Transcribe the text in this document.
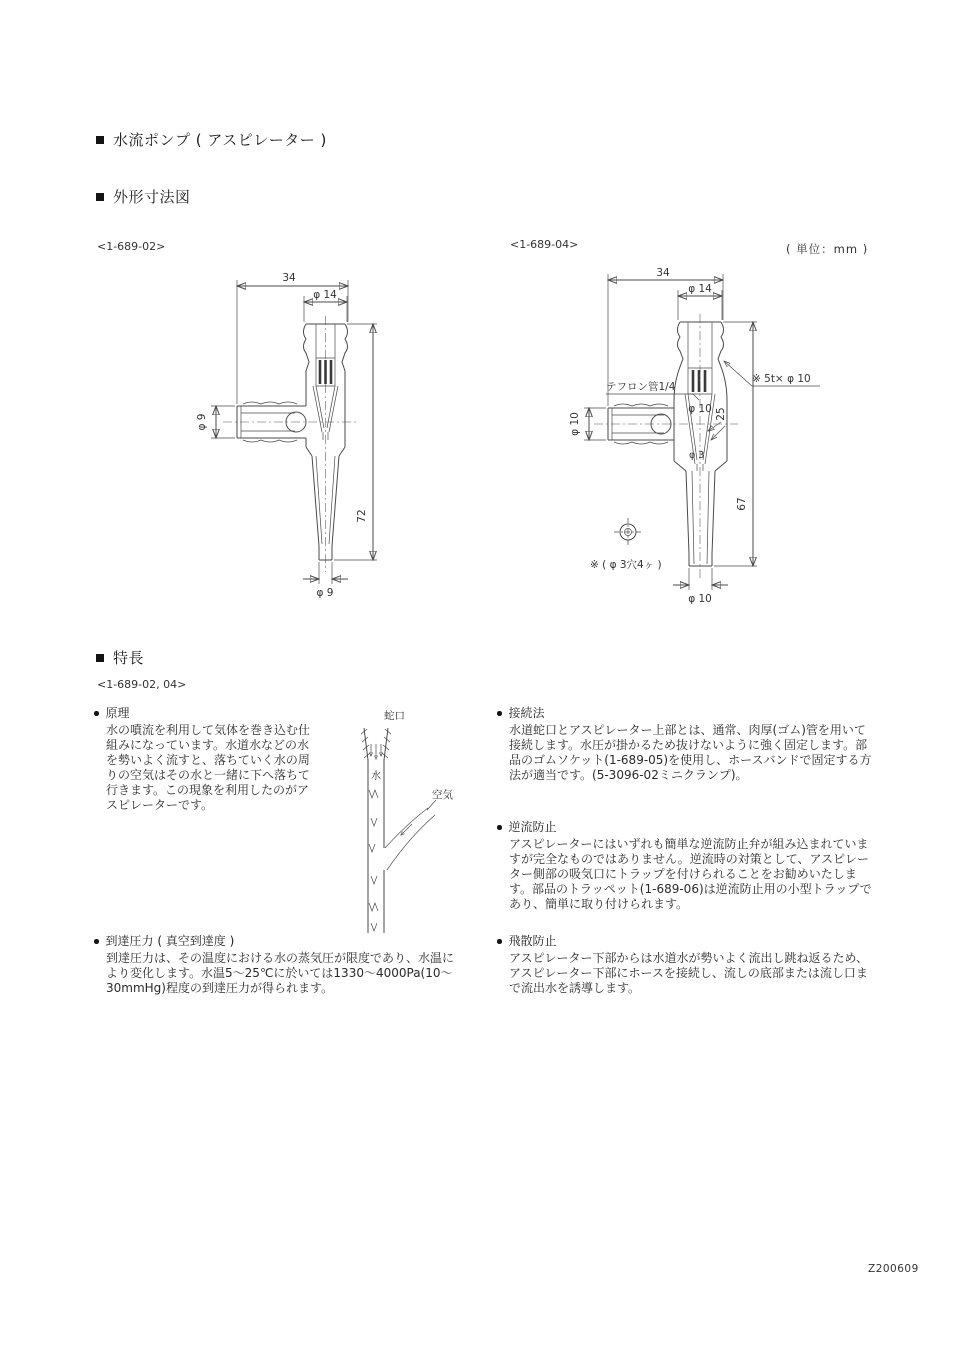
水流ポンプ ( アスピレーター )
外形寸法図
<1-689-02>	<1-689-04>	( 単位：mm )
34
φ 14
φ 9
72
φ 9
34
φ 14
φ 10
φ 3
テフロン管1/4
φ 10
※ 5t× φ 10
25
67
※ ( φ 3穴4ヶ )
φ 10
特長
<1-689-02, 04>
原理
水の噴流を利用して気体を巻き込む仕組みになっています。水道水などの水を勢いよく流すと、落ちていく水の周りの空気はその水と一緒に下へ落ちて行きます。この現象を利用したのがアスピレーターです。
蛇口
水
空気
到達圧力 ( 真空到達度 )
到達圧力は、その温度における水の蒸気圧が限度であり、水温により変化します。水温5～25℃に於いては1330～4000Pa(10～30mmHg)程度の到達圧力が得られます。
接続法
水道蛇口とアスピレーター上部とは、通常、肉厚(ゴム)管を用いて接続します。水圧が掛かるため抜けないように強く固定します。部品のゴムソケット(1-689-05)を使用し、ホースバンドで固定する方法が適当です。(5-3096-02ミニクランプ)。
逆流防止
アスピレーターにはいずれも簡単な逆流防止弁が組み込まれていますが完全なものではありません。逆流時の対策として、アスピレーター側部の吸気口にトラップを付けられることをお勧めいたします。部品のトラッペット(1-689-06)は逆流防止用の小型トラップであり、簡単に取り付けられます。
飛散防止
アスピレーター下部からは水道水が勢いよく流出し跳ね返るため、アスピレーター下部にホースを接続し、流しの底部または流し口まで流出水を誘導します。
Z200609
